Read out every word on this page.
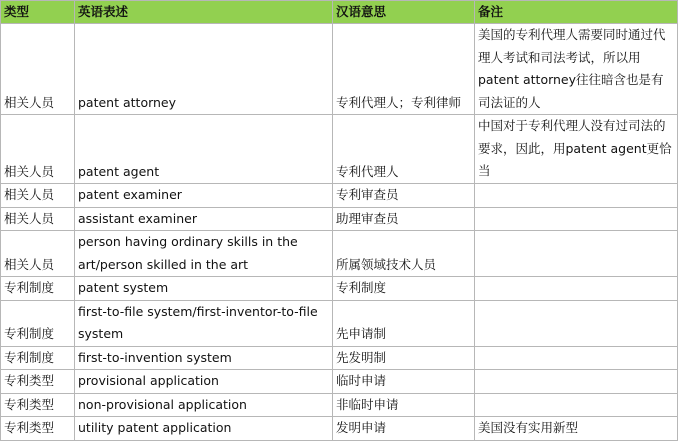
类型	英语表述	汉语意思	备注
相关人员	patent attorney	专利代理人；专利律师	美国的专利代理人需要同时通过代理人考试和司法考试，所以用patent attorney往往暗含也是有司法证的人
相关人员	patent agent	专利代理人	中国对于专利代理人没有过司法的要求，因此，用patent agent更恰当
相关人员	patent examiner	专利审查员	
相关人员	assistant examiner	助理审查员	
相关人员	person having ordinary skills in the art/person skilled in the art	所属领域技术人员	
专利制度	patent system	专利制度	
专利制度	first-to-file system/first-inventor-to-file system	先申请制	
专利制度	first-to-invention system	先发明制	
专利类型	provisional application	临时申请	
专利类型	non-provisional application	非临时申请	
专利类型	utility patent application	发明申请	美国没有实用新型
